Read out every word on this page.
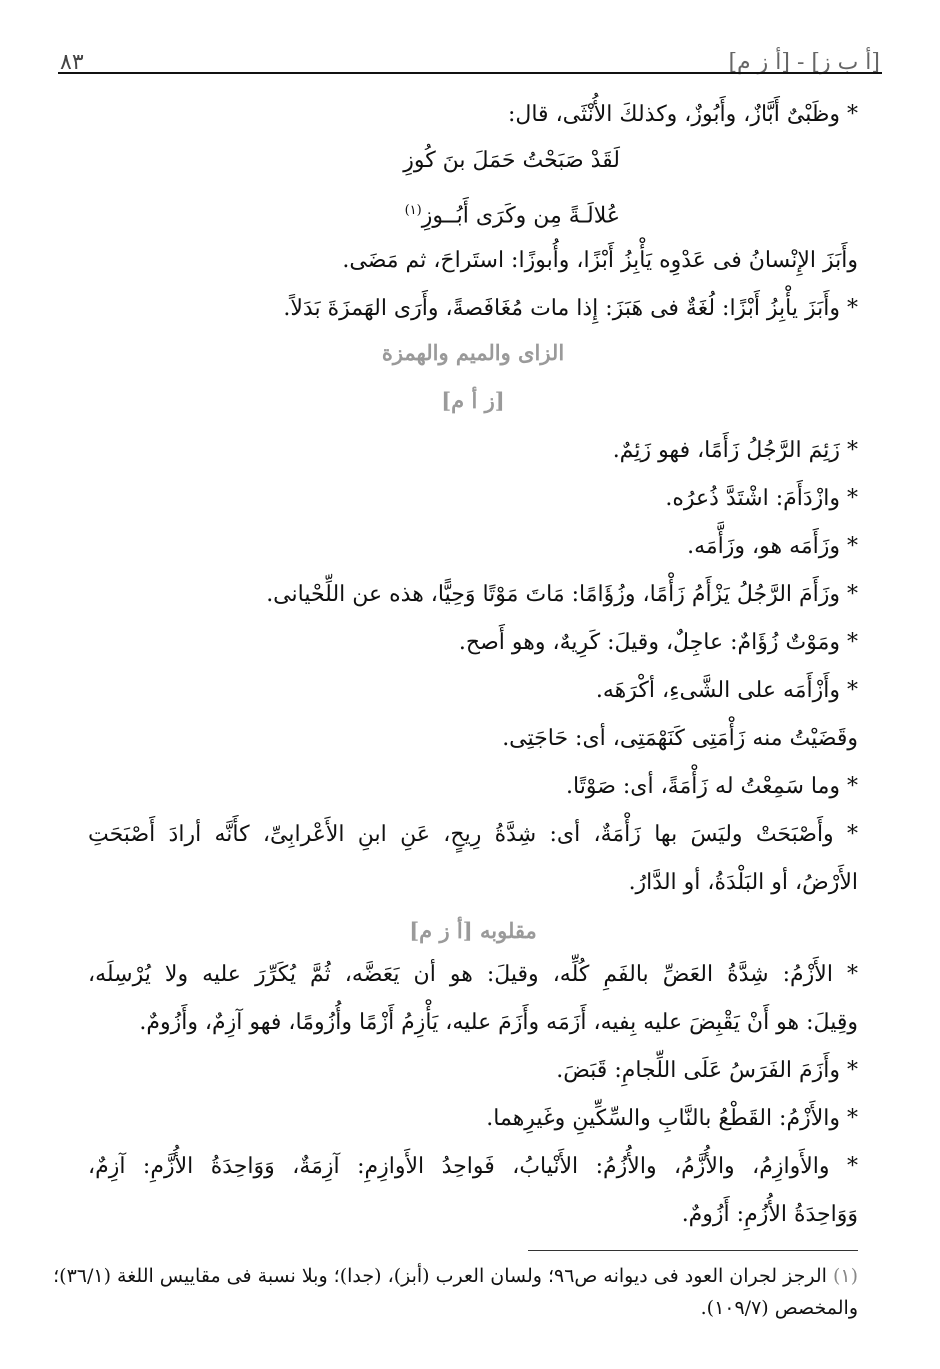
[أ ب ز] - [أ ز م]
٨٣
* وظَبْىٌ أَبَّازٌ، وأَبُوزٌ، وكذلكَ الأُنْثَى، قال:
لَقَدْ صَبَحْتُ حَمَلَ بنَ كُوزِ
عُلالَـةً مِن وكَرَى أَبُــوزِ$^{(١)}$
وأَبَزَ الإِنْسانُ فى عَدْوِه يَأْبِزُ أَبْزًا، وأُبوزًا: استَراحَ، ثم مَضَى.
* وأَبَزَ يأْبِزُ أَبْزًا: لُغَةٌ فى هَبَزَ: إِذا مات مُغَافَصةً، وأَرَى الهَمزَةَ بَدَلاً.
الزاى والميم والهمزة
[ز أ م]
* زَئِمَ الرَّجُلُ زَأَمًا، فهو زَئِمٌ.
* وازْدَأَمَ: اشْتَدَّ ذُعرُه.
* وزَأَمَه هو، وزَأَّمَه.
* وزَأَمَ الرَّجُلُ يَزْأَمُ زَأْمًا، وزُؤَامًا: مَاتَ مَوْتًا وَحِيًّا، هذه عن اللِّحْيانى.
* ومَوْتٌ زُؤَامٌ: عاجِلٌ، وقيلَ: كَرِيهٌ، وهو أَصح.
* وأَزْأَمَه على الشَّىءِ، أكْرَهَه.
وقَضَيْتُ منه زَأْمَتِى كَنَهْمَتِى، أى: حَاجَتِى.
* وما سَمِعْتُ له زَأْمَةً، أى: صَوْتًا.
* وأَصْبَحَتْ وليَسَ بها زَأْمَةٌ، أى: شِدَّةُ رِيحٍ، عَنِ ابنِ الأَعْرابِىِّ، كأَنَّه أرادَ أَصْبَحَتِ
الأَرْضُ، أو البَلْدَةُ، أو الدَّارُ.
مقلوبه [أ ز م]
* الأَزْمُ: شِدَّةُ العَضِّ بالفَمِ كُلِّه، وقيلَ: هو أن يَعَضَّه، ثُمَّ يُكَرِّرَ عليه ولا يُرْسِلَه،
وقِيلَ: هو أَنْ يَقْبِضَ عليه بِفيه، أَزَمَه وأَزَمَ عليه، يَأْزِمُ أَزْمًا وأُزُومًا، فهو آزِمٌ، وأَزُومٌ.
* وأَزَمَ الفَرَسُ عَلَى اللِّجامِ: قَبَضَ.
* والأَزْمُ: القَطْعُ بالنَّابِ والسِّكِّينِ وغَيرِهما.
* والأَوازِمُ، والأُزَّمُ، والأُزُمُ: الأَنْيابُ، فَواحِدُ الأَوازِمِ: آزِمَةٌ، وَوَاحِدَةُ الأُزَّمِ: آزِمٌ،
وَوَاحِدَةُ الأُزُمِ: أَزُومٌ.
(١) الرجز لجران العود فى ديوانه ص٩٦؛ ولسان العرب (أبز)، (جدا)؛ وبلا نسبة فى مقاييس اللغة (٣٦/١)؛
والمخصص (١٠٩/٧).
